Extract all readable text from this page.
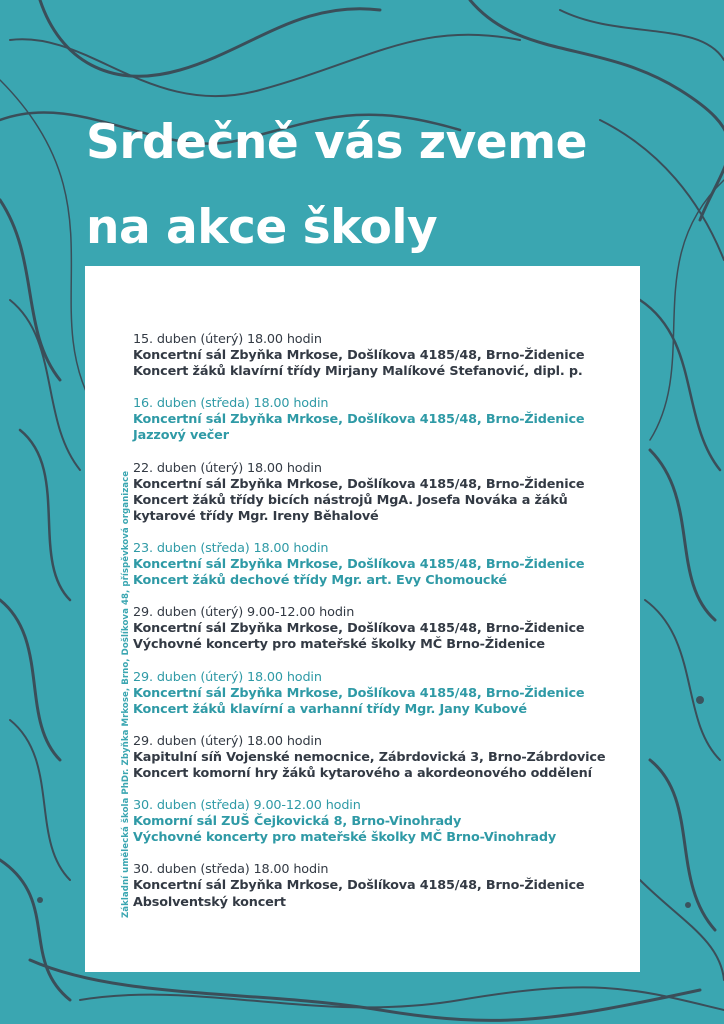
Srdečně vás zveme
na akce školy
Základní umělecká škola PhDr. Zbyňka Mrkose, Brno, Došlíkova 48, příspěvková organizace

15. duben (úterý) 18.00 hodin

Koncertní sál Zbyňka Mrkose, Došlíkova 4185/48, Brno-Židenice

Koncert žáků klavírní třídy Mirjany Malíkové Stefanović, dipl. p.

16. duben (středa) 18.00 hodin

Koncertní sál Zbyňka Mrkose, Došlíkova 4185/48, Brno-Židenice

Jazzový večer

22. duben (úterý) 18.00 hodin

Koncertní sál Zbyňka Mrkose, Došlíkova 4185/48, Brno-Židenice

Koncert žáků třídy bicích nástrojů MgA. Josefa Nováka a žáků kytarové třídy Mgr. Ireny Běhalové

23. duben (středa) 18.00 hodin

Koncertní sál Zbyňka Mrkose, Došlíkova 4185/48, Brno-Židenice

Koncert žáků dechové třídy Mgr. art. Evy Chomoucké

29. duben (úterý) 9.00-12.00 hodin

Koncertní sál Zbyňka Mrkose, Došlíkova 4185/48, Brno-Židenice

Výchovné koncerty pro mateřské školky MČ Brno-Židenice

29. duben (úterý) 18.00 hodin

Koncertní sál Zbyňka Mrkose, Došlíkova 4185/48, Brno-Židenice

Koncert žáků klavírní a varhanní třídy Mgr. Jany Kubové

29. duben (úterý) 18.00 hodin

Kapitulní síň Vojenské nemocnice, Zábrdovická 3, Brno-Zábrdovice

Koncert komorní hry žáků kytarového a akordeonového oddělení

30. duben (středa) 9.00-12.00 hodin

Komorní sál ZUŠ Čejkovická 8, Brno-Vinohrady

Výchovné koncerty pro mateřské školky MČ Brno-Vinohrady

30. duben (středa) 18.00 hodin

Koncertní sál Zbyňka Mrkose, Došlíkova 4185/48, Brno-Židenice

Absolventský koncert
